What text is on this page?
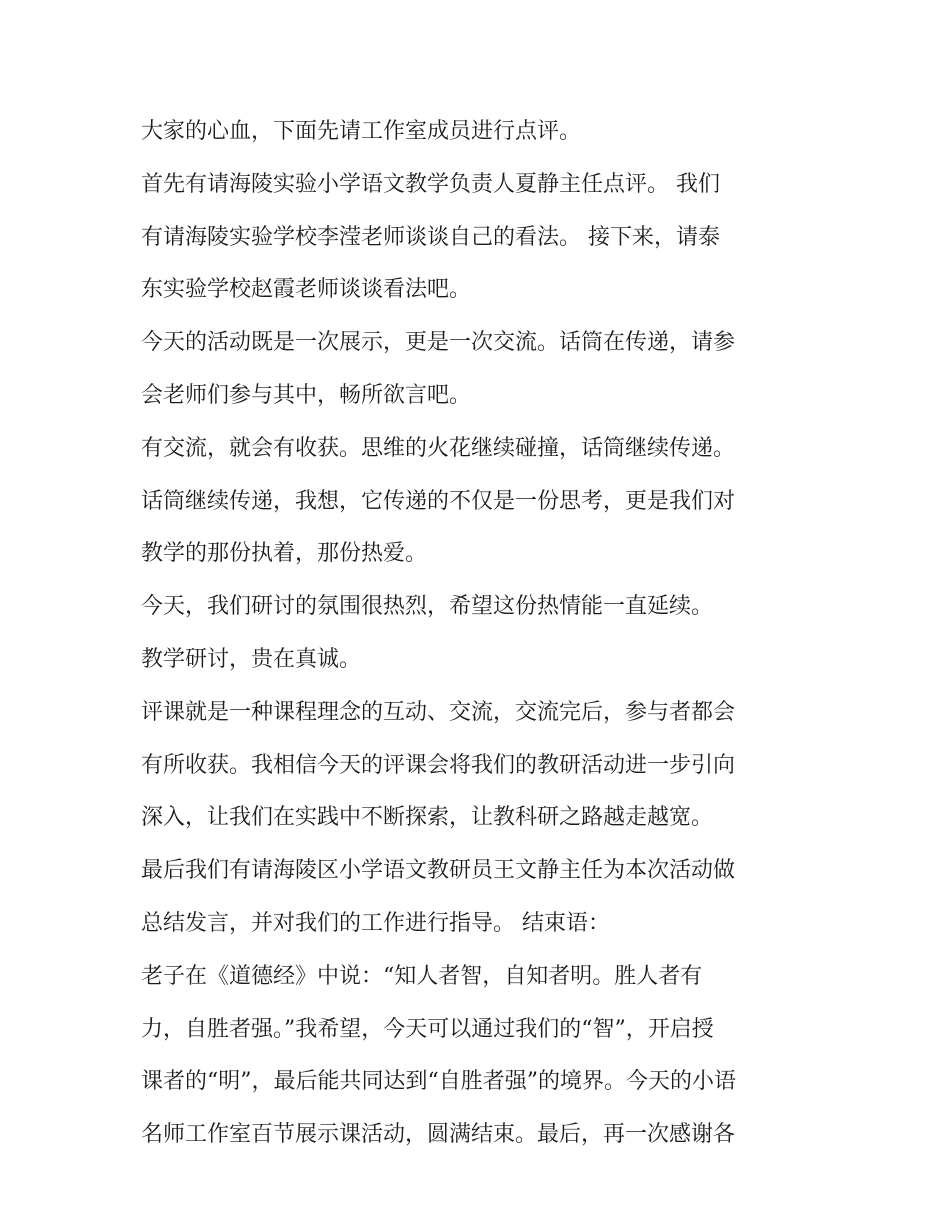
大家的心血，下面先请工作室成员进行点评。
首先有请海陵实验小学语文教学负责人夏静主任点评。 我们
有请海陵实验学校李滢老师谈谈自己的看法。 接下来，请泰
东实验学校赵霞老师谈谈看法吧。
今天的活动既是一次展示，更是一次交流。话筒在传递，请参
会老师们参与其中，畅所欲言吧。
有交流，就会有收获。思维的火花继续碰撞，话筒继续传递。
话筒继续传递，我想，它传递的不仅是一份思考，更是我们对
教学的那份执着，那份热爱。
今天，我们研讨的氛围很热烈，希望这份热情能一直延续。
教学研讨，贵在真诚。
评课就是一种课程理念的互动、交流，交流完后，参与者都会
有所收获。我相信今天的评课会将我们的教研活动进一步引向
深入，让我们在实践中不断探索，让教科研之路越走越宽。
最后我们有请海陵区小学语文教研员王文静主任为本次活动做
总结发言，并对我们的工作进行指导。 结束语：
老子在《道德经》中说：“知人者智，自知者明。胜人者有
力，自胜者强。”我希望，今天可以通过我们的“智”，开启授
课者的“明”，最后能共同达到“自胜者强”的境界。今天的小语
名师工作室百节展示课活动，圆满结束。最后，再一次感谢各
